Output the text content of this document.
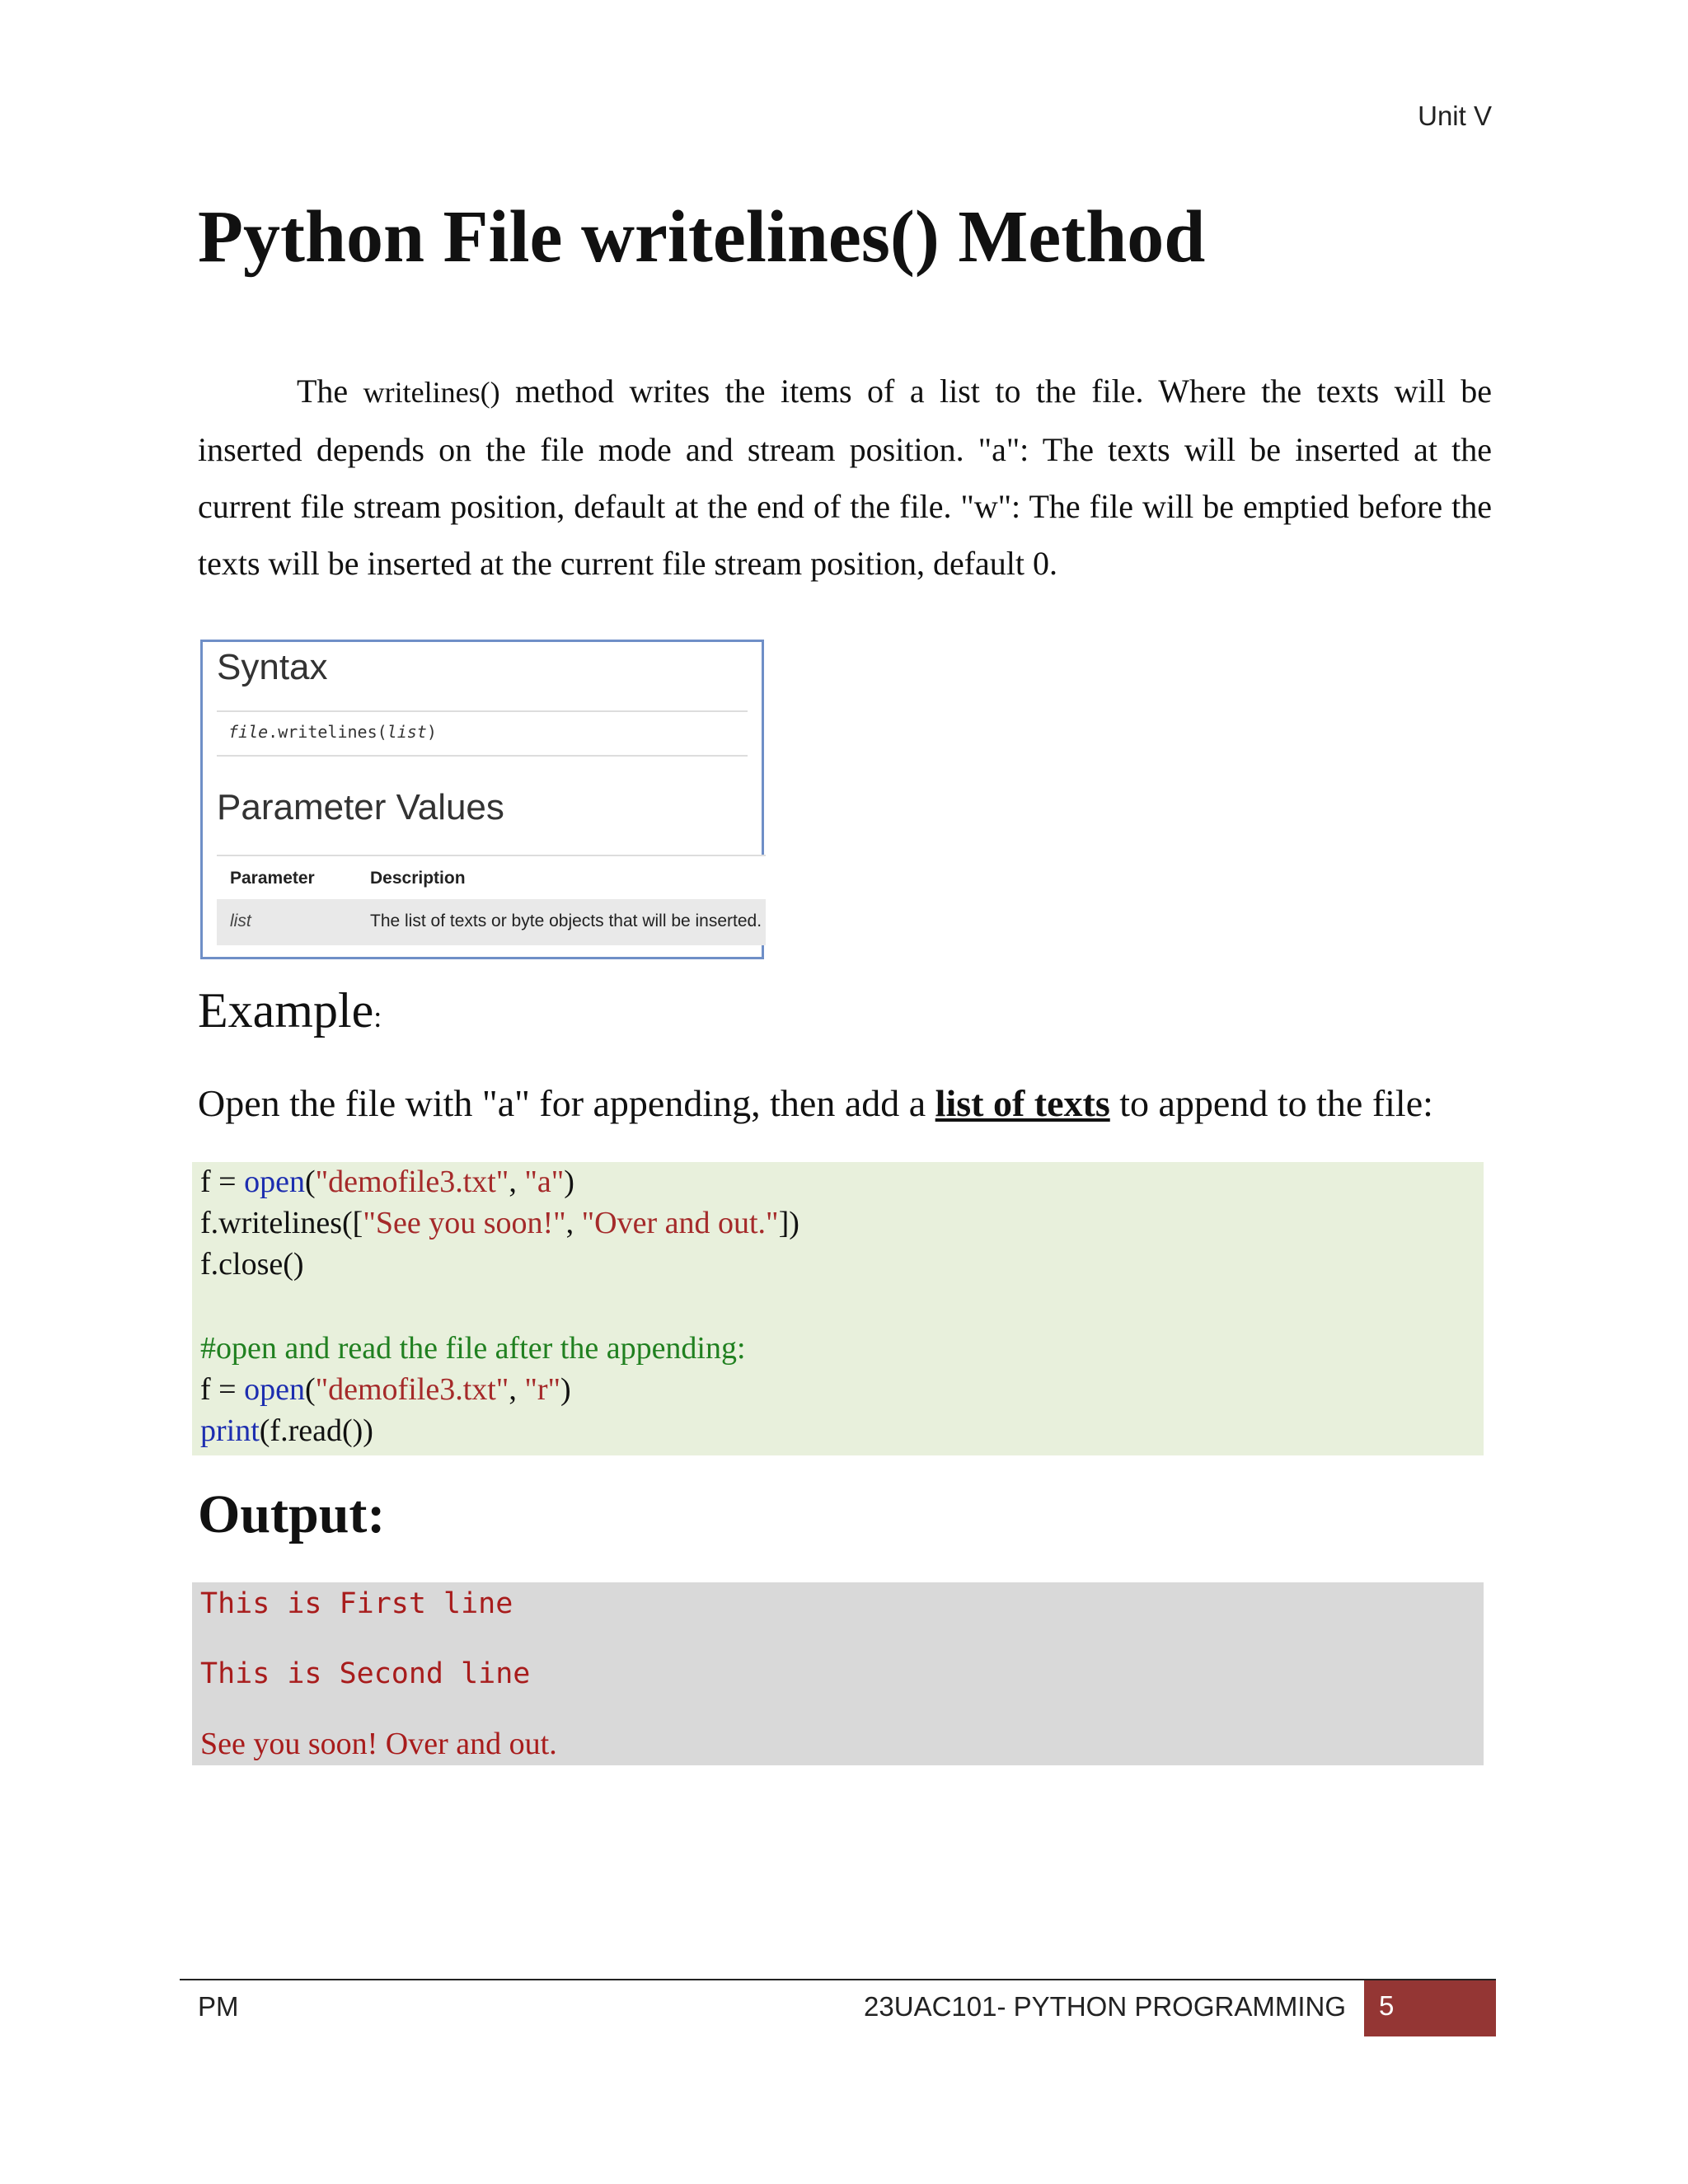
Unit V
Python File writelines() Method
The writelines() method writes the items of a list to the file. Where the texts will be inserted depends on the file mode and stream position. "a": The texts will be inserted at the current file stream position, default at the end of the file. "w": The file will be emptied before the texts will be inserted at the current file stream position, default 0.
Syntax
file.writelines(list)
Parameter Values
Parameter	Description
list	The list of texts or byte objects that will be inserted.
Example:
Open the file with "a" for appending, then add a list of texts to append to the file:
f = open("demofile3.txt", "a")
f.writelines(["See you soon!", "Over and out."])
f.close()
#open and read the file after the appending:
f = open("demofile3.txt", "r")
print(f.read())
Output:
This is First line
This is Second line
See you soon! Over and out.
PM	23UAC101- PYTHON PROGRAMMING	5
